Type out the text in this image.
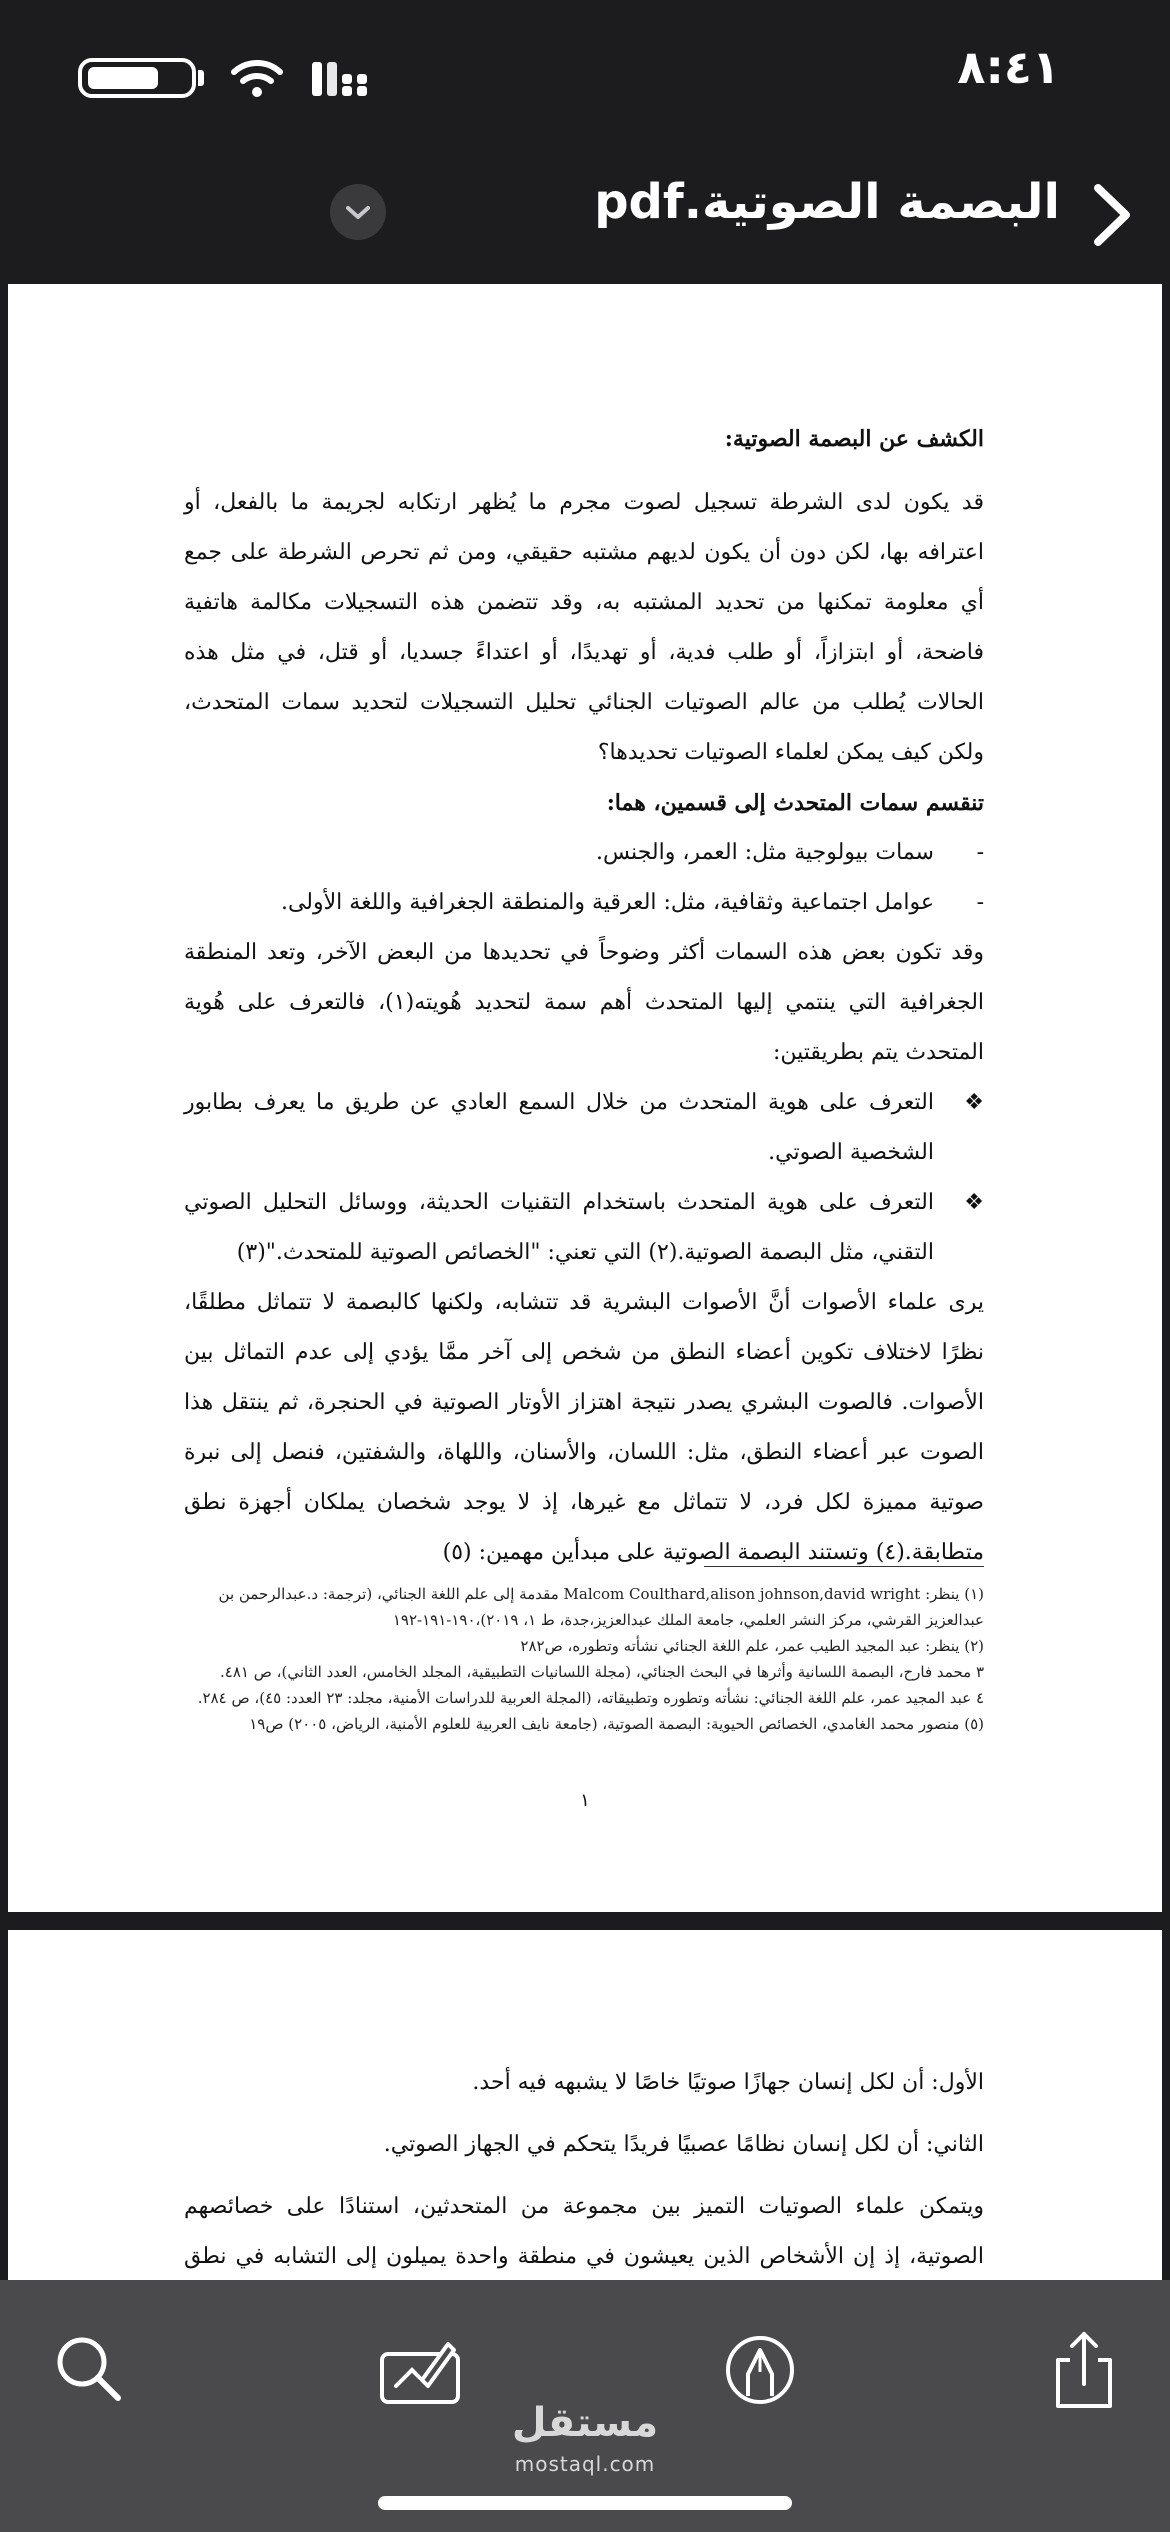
٨:٤١
البصمة الصوتية.pdf

الكشف عن البصمة الصوتية:

قد يكون لدى الشرطة تسجيل لصوت مجرم ما يُظهر ارتكابه لجريمة ما بالفعل، أو اعترافه بها، لكن دون أن يكون لديهم مشتبه حقيقي، ومن ثم تحرص الشرطة على جمع أي معلومة تمكنها من تحديد المشتبه به، وقد تتضمن هذه التسجيلات مكالمة هاتفية فاضحة، أو ابتزازاً، أو طلب فدية، أو تهديدًا، أو اعتداءً جسديا، أو قتل، في مثل هذه الحالات يُطلب من عالم الصوتيات الجنائي تحليل التسجيلات لتحديد سمات المتحدث، ولكن كيف يمكن لعلماء الصوتيات تحديدها؟

تنقسم سمات المتحدث إلى قسمين، هما:

- سمات بيولوجية مثل: العمر، والجنس.

- عوامل اجتماعية وثقافية، مثل: العرقية والمنطقة الجغرافية واللغة الأولى.

وقد تكون بعض هذه السمات أكثر وضوحاً في تحديدها من البعض الآخر، وتعد المنطقة الجغرافية التي ينتمي إليها المتحدث أهم سمة لتحديد هُويته(١)، فالتعرف على هُوية المتحدث يتم بطريقتين:

❖ التعرف على هوية المتحدث من خلال السمع العادي عن طريق ما يعرف بطابور الشخصية الصوتي.

❖ التعرف على هوية المتحدث باستخدام التقنيات الحديثة، ووسائل التحليل الصوتي التقني، مثل البصمة الصوتية.(٢) التي تعني: "الخصائص الصوتية للمتحدث."(٣)

يرى علماء الأصوات أنَّ الأصوات البشرية قد تتشابه، ولكنها كالبصمة لا تتماثل مطلقًا، نظرًا لاختلاف تكوين أعضاء النطق من شخص إلى آخر ممَّا يؤدي إلى عدم التماثل بين الأصوات. فالصوت البشري يصدر نتيجة اهتزاز الأوتار الصوتية في الحنجرة، ثم ينتقل هذا الصوت عبر أعضاء النطق، مثل: اللسان، والأسنان، واللهاة، والشفتين، فنصل إلى نبرة صوتية مميزة لكل فرد، لا تتماثل مع غيرها، إذ لا يوجد شخصان يملكان أجهزة نطق متطابقة.(٤) وتستند البصمة الصوتية على مبدأين مهمين: (٥)

(١) ينظر: Malcom Coulthard,alison johnson,david wright مقدمة إلى علم اللغة الجنائي، (ترجمة: د.عبدالرحمن بن عبدالعزيز القرشي، مركز النشر العلمي، جامعة الملك عبدالعزيز،جدة، ط ١، ٢٠١٩)،١٩٠-١٩١-١٩٢

(٢) ينظر: عبد المجيد الطيب عمر، علم اللغة الجنائي نشأته وتطوره، ص٢٨٢

٣ محمد فارح، البصمة اللسانية وأثرها في البحث الجنائي، (مجلة اللسانيات التطبيقية، المجلد الخامس، العدد الثاني)، ص ٤٨١.

٤ عبد المجيد عمر، علم اللغة الجنائي: نشأته وتطوره وتطبيقاته، (المجلة العربية للدراسات الأمنية، مجلد: ٢٣ العدد: ٤٥)، ص ٢٨٤.

(٥) منصور محمد الغامدي، الخصائص الحيوية: البصمة الصوتية، (جامعة نايف العربية للعلوم الأمنية، الرياض، ٢٠٠٥) ص١٩

١

الأول: أن لكل إنسان جهازًا صوتيًا خاصًا لا يشبهه فيه أحد.

الثاني: أن لكل إنسان نظامًا عصبيًا فريدًا يتحكم في الجهاز الصوتي.

ويتمكن علماء الصوتيات التميز بين مجموعة من المتحدثين، استنادًا على خصائصهم الصوتية، إذ إن الأشخاص الذين يعيشون في منطقة واحدة يميلون إلى التشابه في نطق

مستقل
mostaql.com
